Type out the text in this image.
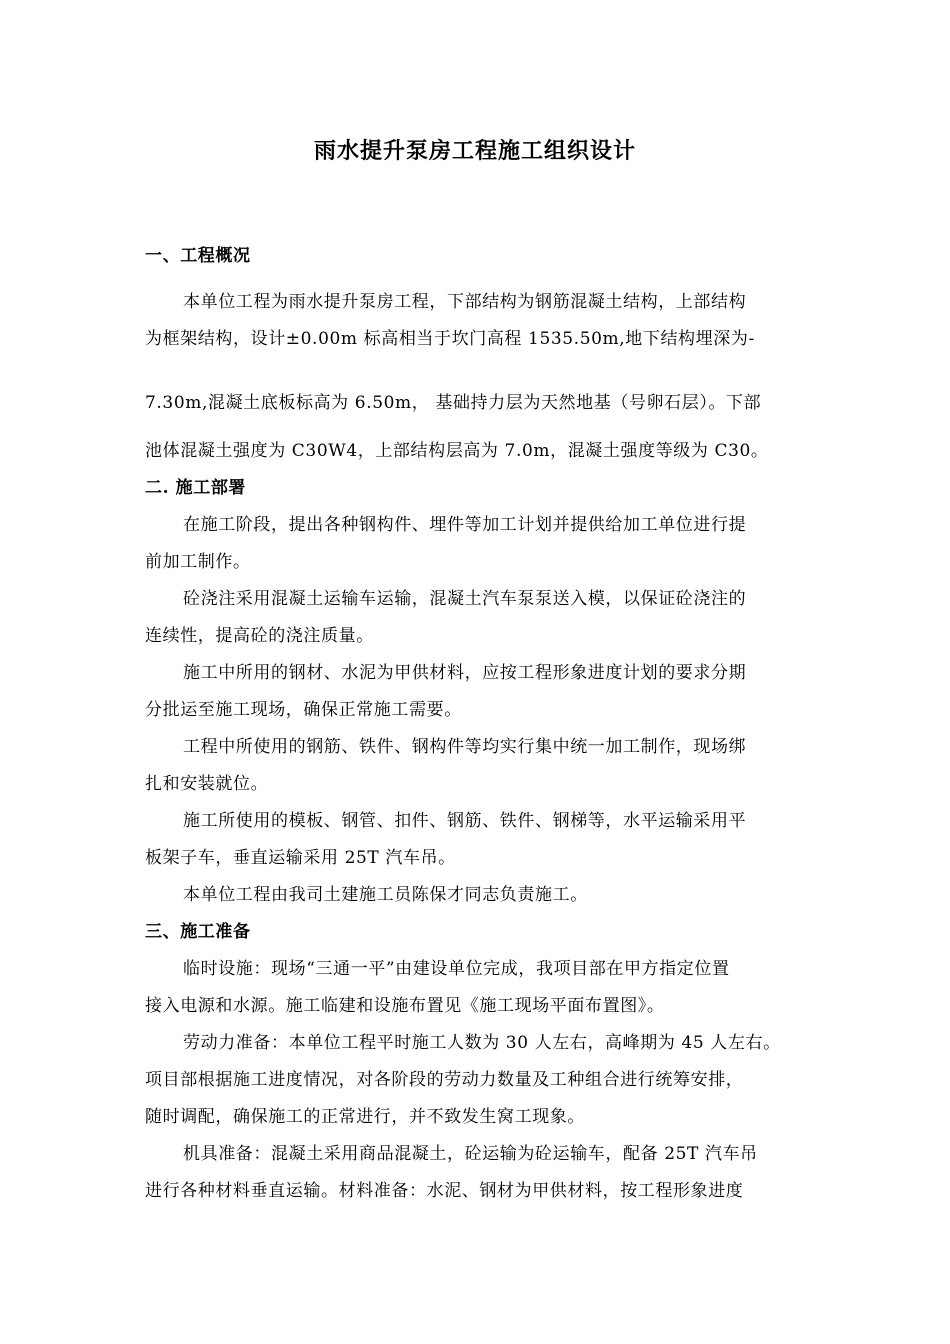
雨水提升泵房工程施工组织设计
一、工程概况
本单位工程为雨水提升泵房工程，下部结构为钢筋混凝土结构，上部结构
为框架结构，设计±0.00m 标高相当于坎门高程 1535.50m,地下结构埋深为-
7.30m,混凝土底板标高为 6.50m， 基础持力层为天然地基（号卵石层）。下部
池体混凝土强度为 C30W4，上部结构层高为 7.0m，混凝土强度等级为 C30。
二. 施工部署
在施工阶段，提出各种钢构件、埋件等加工计划并提供给加工单位进行提
前加工制作。
砼浇注采用混凝土运输车运输，混凝土汽车泵泵送入模，以保证砼浇注的
连续性，提高砼的浇注质量。
施工中所用的钢材、水泥为甲供材料，应按工程形象进度计划的要求分期
分批运至施工现场，确保正常施工需要。
工程中所使用的钢筋、铁件、钢构件等均实行集中统一加工制作，现场绑
扎和安装就位。
施工所使用的模板、钢管、扣件、钢筋、铁件、钢梯等，水平运输采用平
板架子车，垂直运输采用 25T 汽车吊。
本单位工程由我司土建施工员陈保才同志负责施工。
三、施工准备
临时设施：现场“三通一平”由建设单位完成，我项目部在甲方指定位置
接入电源和水源。施工临建和设施布置见《施工现场平面布置图》。
劳动力准备：本单位工程平时施工人数为 30 人左右，高峰期为 45 人左右。
项目部根据施工进度情况，对各阶段的劳动力数量及工种组合进行统筹安排，
随时调配，确保施工的正常进行，并不致发生窝工现象。
机具准备：混凝土采用商品混凝土，砼运输为砼运输车，配备 25T 汽车吊
进行各种材料垂直运输。材料准备：水泥、钢材为甲供材料，按工程形象进度
